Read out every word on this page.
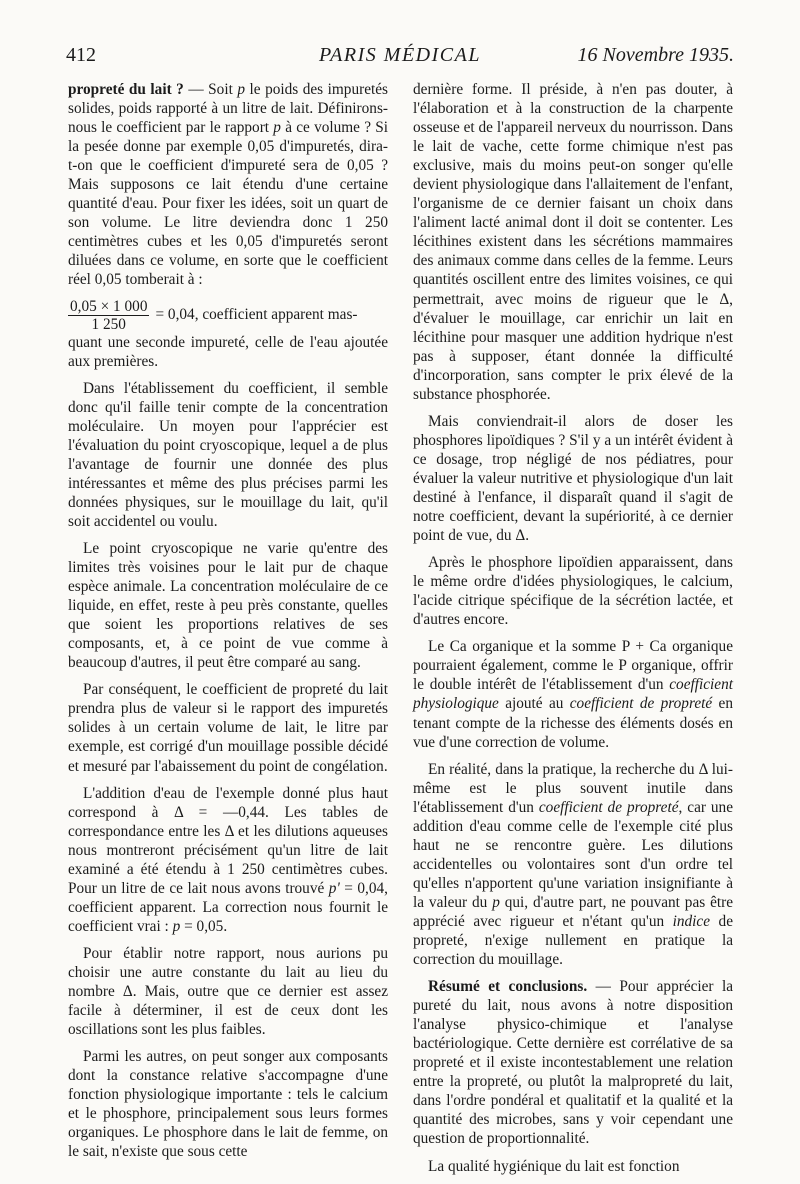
412	PARIS MÉDICAL	16 Novembre 1935.

propreté du lait ? — Soit p le poids des impuretés solides, poids rapporté à un litre de lait. Définirons-nous le coefficient par le rapport p à ce volume ? Si la pesée donne par exemple 0,05 d'impuretés, dira-t-on que le coefficient d'impureté sera de 0,05 ? Mais supposons ce lait étendu d'une certaine quantité d'eau. Pour fixer les idées, soit un quart de son volume. Le litre deviendra donc 1 250 centimètres cubes et les 0,05 d'impuretés seront diluées dans ce volume, en sorte que le coefficient réel 0,05 tomberait à :

$\frac{0,05 \times 1 000}{1 250} = 0,04$, coefficient apparent mas-

quant une seconde impureté, celle de l'eau ajoutée aux premières.

Dans l'établissement du coefficient, il semble donc qu'il faille tenir compte de la concentration moléculaire. Un moyen pour l'apprécier est l'évaluation du point cryoscopique, lequel a de plus l'avantage de fournir une donnée des plus intéressantes et même des plus précises parmi les données physiques, sur le mouillage du lait, qu'il soit accidentel ou voulu.

Le point cryoscopique ne varie qu'entre des limites très voisines pour le lait pur de chaque espèce animale. La concentration moléculaire de ce liquide, en effet, reste à peu près constante, quelles que soient les proportions relatives de ses composants, et, à ce point de vue comme à beaucoup d'autres, il peut être comparé au sang.

Par conséquent, le coefficient de propreté du lait prendra plus de valeur si le rapport des impuretés solides à un certain volume de lait, le litre par exemple, est corrigé d'un mouillage possible décidé et mesuré par l'abaissement du point de congélation.

L'addition d'eau de l'exemple donné plus haut correspond à Δ = —0,44. Les tables de correspondance entre les Δ et les dilutions aqueuses nous montreront précisément qu'un litre de lait examiné a été étendu à 1 250 centimètres cubes. Pour un litre de ce lait nous avons trouvé p' = 0,04, coefficient apparent. La correction nous fournit le coefficient vrai : p = 0,05.

Pour établir notre rapport, nous aurions pu choisir une autre constante du lait au lieu du nombre Δ. Mais, outre que ce dernier est assez facile à déterminer, il est de ceux dont les oscillations sont les plus faibles.

Parmi les autres, on peut songer aux composants dont la constance relative s'accompagne d'une fonction physiologique importante : tels le calcium et le phosphore, principalement sous leurs formes organiques. Le phosphore dans le lait de femme, on le sait, n'existe que sous cette

dernière forme. Il préside, à n'en pas douter, à l'élaboration et à la construction de la charpente osseuse et de l'appareil nerveux du nourrisson. Dans le lait de vache, cette forme chimique n'est pas exclusive, mais du moins peut-on songer qu'elle devient physiologique dans l'allaitement de l'enfant, l'organisme de ce dernier faisant un choix dans l'aliment lacté animal dont il doit se contenter. Les lécithines existent dans les sécrétions mammaires des animaux comme dans celles de la femme. Leurs quantités oscillent entre des limites voisines, ce qui permettrait, avec moins de rigueur que le Δ, d'évaluer le mouillage, car enrichir un lait en lécithine pour masquer une addition hydrique n'est pas à supposer, étant donnée la difficulté d'incorporation, sans compter le prix élevé de la substance phosphorée.

Mais conviendrait-il alors de doser les phosphores lipoïdiques ? S'il y a un intérêt évident à ce dosage, trop négligé de nos pédiatres, pour évaluer la valeur nutritive et physiologique d'un lait destiné à l'enfance, il disparaît quand il s'agit de notre coefficient, devant la supériorité, à ce dernier point de vue, du Δ.

Après le phosphore lipoïdien apparaissent, dans le même ordre d'idées physiologiques, le calcium, l'acide citrique spécifique de la sécrétion lactée, et d'autres encore.

Le Ca organique et la somme P + Ca organique pourraient également, comme le P organique, offrir le double intérêt de l'établissement d'un coefficient physiologique ajouté au coefficient de propreté en tenant compte de la richesse des éléments dosés en vue d'une correction de volume.

En réalité, dans la pratique, la recherche du Δ lui-même est le plus souvent inutile dans l'établissement d'un coefficient de propreté, car une addition d'eau comme celle de l'exemple cité plus haut ne se rencontre guère. Les dilutions accidentelles ou volontaires sont d'un ordre tel qu'elles n'apportent qu'une variation insignifiante à la valeur du p qui, d'autre part, ne pouvant pas être apprécié avec rigueur et n'étant qu'un indice de propreté, n'exige nullement en pratique la correction du mouillage.

Résumé et conclusions. — Pour apprécier la pureté du lait, nous avons à notre disposition l'analyse physico-chimique et l'analyse bactériologique. Cette dernière est corrélative de sa propreté et il existe incontestablement une relation entre la propreté, ou plutôt la malpropreté du lait, dans l'ordre pondéral et qualitatif et la qualité et la quantité des microbes, sans y voir cependant une question de proportionnalité.

La qualité hygiénique du lait est fonction
